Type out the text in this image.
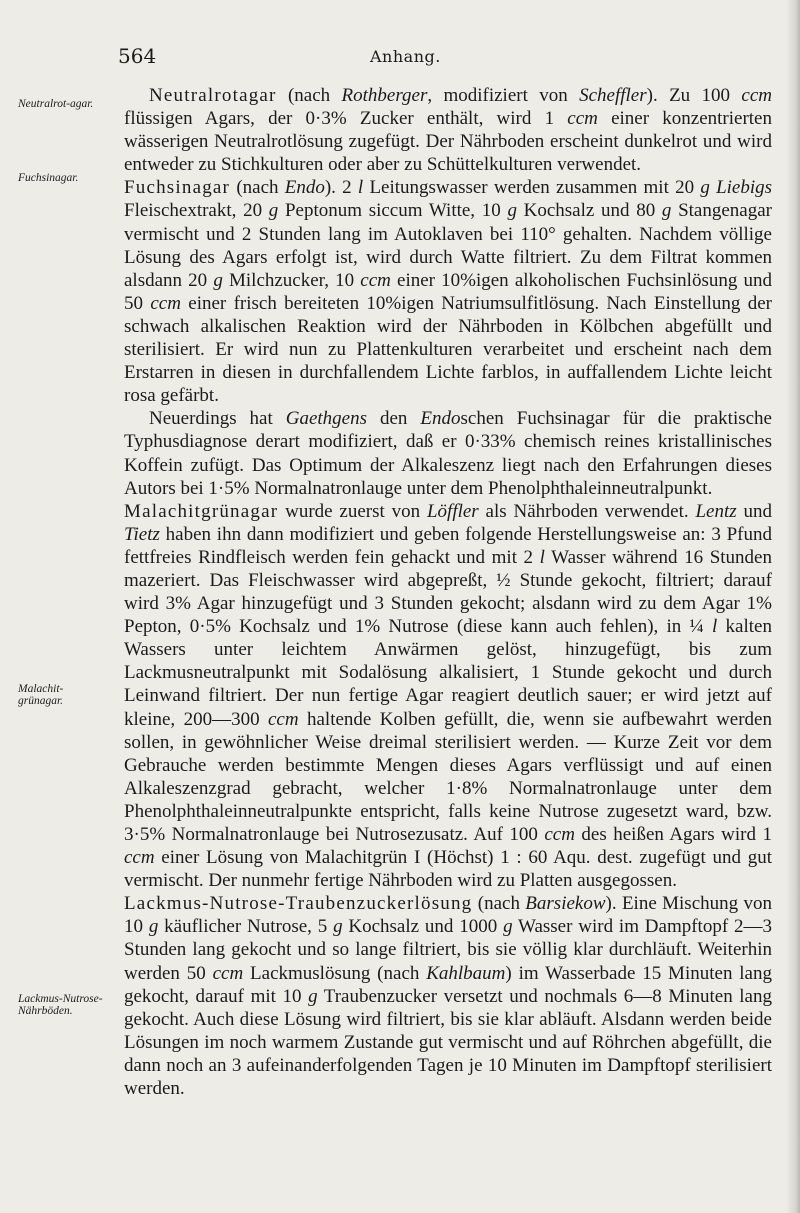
564	Anhang.
Neutralrot-agar.
Fuchsinagar.
Malachit-grünagar.
Lackmus-Nutrose-Nährböden.

Neutralrotagar (nach Rothberger, modifiziert von Scheffler). Zu 100 ccm flüssigen Agars, der 0·3% Zucker enthält, wird 1 ccm einer konzentrierten wässerigen Neutralrotlösung zugefügt. Der Nährboden erscheint dunkelrot und wird entweder zu Stichkulturen oder aber zu Schüttelkulturen verwendet.

Fuchsinagar (nach Endo). 2 l Leitungswasser werden zusammen mit 20 g Liebigs Fleischextrakt, 20 g Peptonum siccum Witte, 10 g Kochsalz und 80 g Stangenagar vermischt und 2 Stunden lang im Autoklaven bei 110° gehalten. Nachdem völlige Lösung des Agars erfolgt ist, wird durch Watte filtriert. Zu dem Filtrat kommen alsdann 20 g Milchzucker, 10 ccm einer 10%igen alkoholischen Fuchsinlösung und 50 ccm einer frisch bereiteten 10%igen Natriumsulfitlösung. Nach Einstellung der schwach alkalischen Reaktion wird der Nährboden in Kölbchen abgefüllt und sterilisiert. Er wird nun zu Plattenkulturen verarbeitet und erscheint nach dem Erstarren in diesen in durchfallendem Lichte farblos, in auffallendem Lichte leicht rosa gefärbt.

Neuerdings hat Gaethgens den Endoschen Fuchsinagar für die praktische Typhusdiagnose derart modifiziert, daß er 0·33% chemisch reines kristallinisches Koffein zufügt. Das Optimum der Alkaleszenz liegt nach den Erfahrungen dieses Autors bei 1·5% Normalnatronlauge unter dem Phenolphthaleinneutralpunkt.

Malachitgrünagar wurde zuerst von Löffler als Nährboden verwendet. Lentz und Tietz haben ihn dann modifiziert und geben folgende Herstellungsweise an: 3 Pfund fettfreies Rindfleisch werden fein gehackt und mit 2 l Wasser während 16 Stunden mazeriert. Das Fleischwasser wird abgepreßt, ½ Stunde gekocht, filtriert; darauf wird 3% Agar hinzugefügt und 3 Stunden gekocht; alsdann wird zu dem Agar 1% Pepton, 0·5% Kochsalz und 1% Nutrose (diese kann auch fehlen), in ¼ l kalten Wassers unter leichtem Anwärmen gelöst, hinzugefügt, bis zum Lackmusneutralpunkt mit Sodalösung alkalisiert, 1 Stunde gekocht und durch Leinwand filtriert. Der nun fertige Agar reagiert deutlich sauer; er wird jetzt auf kleine, 200—300 ccm haltende Kolben gefüllt, die, wenn sie aufbewahrt werden sollen, in gewöhnlicher Weise dreimal sterilisiert werden. — Kurze Zeit vor dem Gebrauche werden bestimmte Mengen dieses Agars verflüssigt und auf einen Alkaleszenzgrad gebracht, welcher 1·8% Normalnatronlauge unter dem Phenolphthaleinneutralpunkte entspricht, falls keine Nutrose zugesetzt ward, bzw. 3·5% Normalnatronlauge bei Nutrosezusatz. Auf 100 ccm des heißen Agars wird 1 ccm einer Lösung von Malachitgrün I (Höchst) 1 : 60 Aqu. dest. zugefügt und gut vermischt. Der nunmehr fertige Nährboden wird zu Platten ausgegossen.

Lackmus-Nutrose-Traubenzuckerlösung (nach Barsiekow). Eine Mischung von 10 g käuflicher Nutrose, 5 g Kochsalz und 1000 g Wasser wird im Dampftopf 2—3 Stunden lang gekocht und so lange filtriert, bis sie völlig klar durchläuft. Weiterhin werden 50 ccm Lackmuslösung (nach Kahlbaum) im Wasserbade 15 Minuten lang gekocht, darauf mit 10 g Traubenzucker versetzt und nochmals 6—8 Minuten lang gekocht. Auch diese Lösung wird filtriert, bis sie klar abläuft. Alsdann werden beide Lösungen im noch warmem Zustande gut vermischt und auf Röhrchen abgefüllt, die dann noch an 3 aufeinanderfolgenden Tagen je 10 Minuten im Dampftopf sterilisiert werden.
